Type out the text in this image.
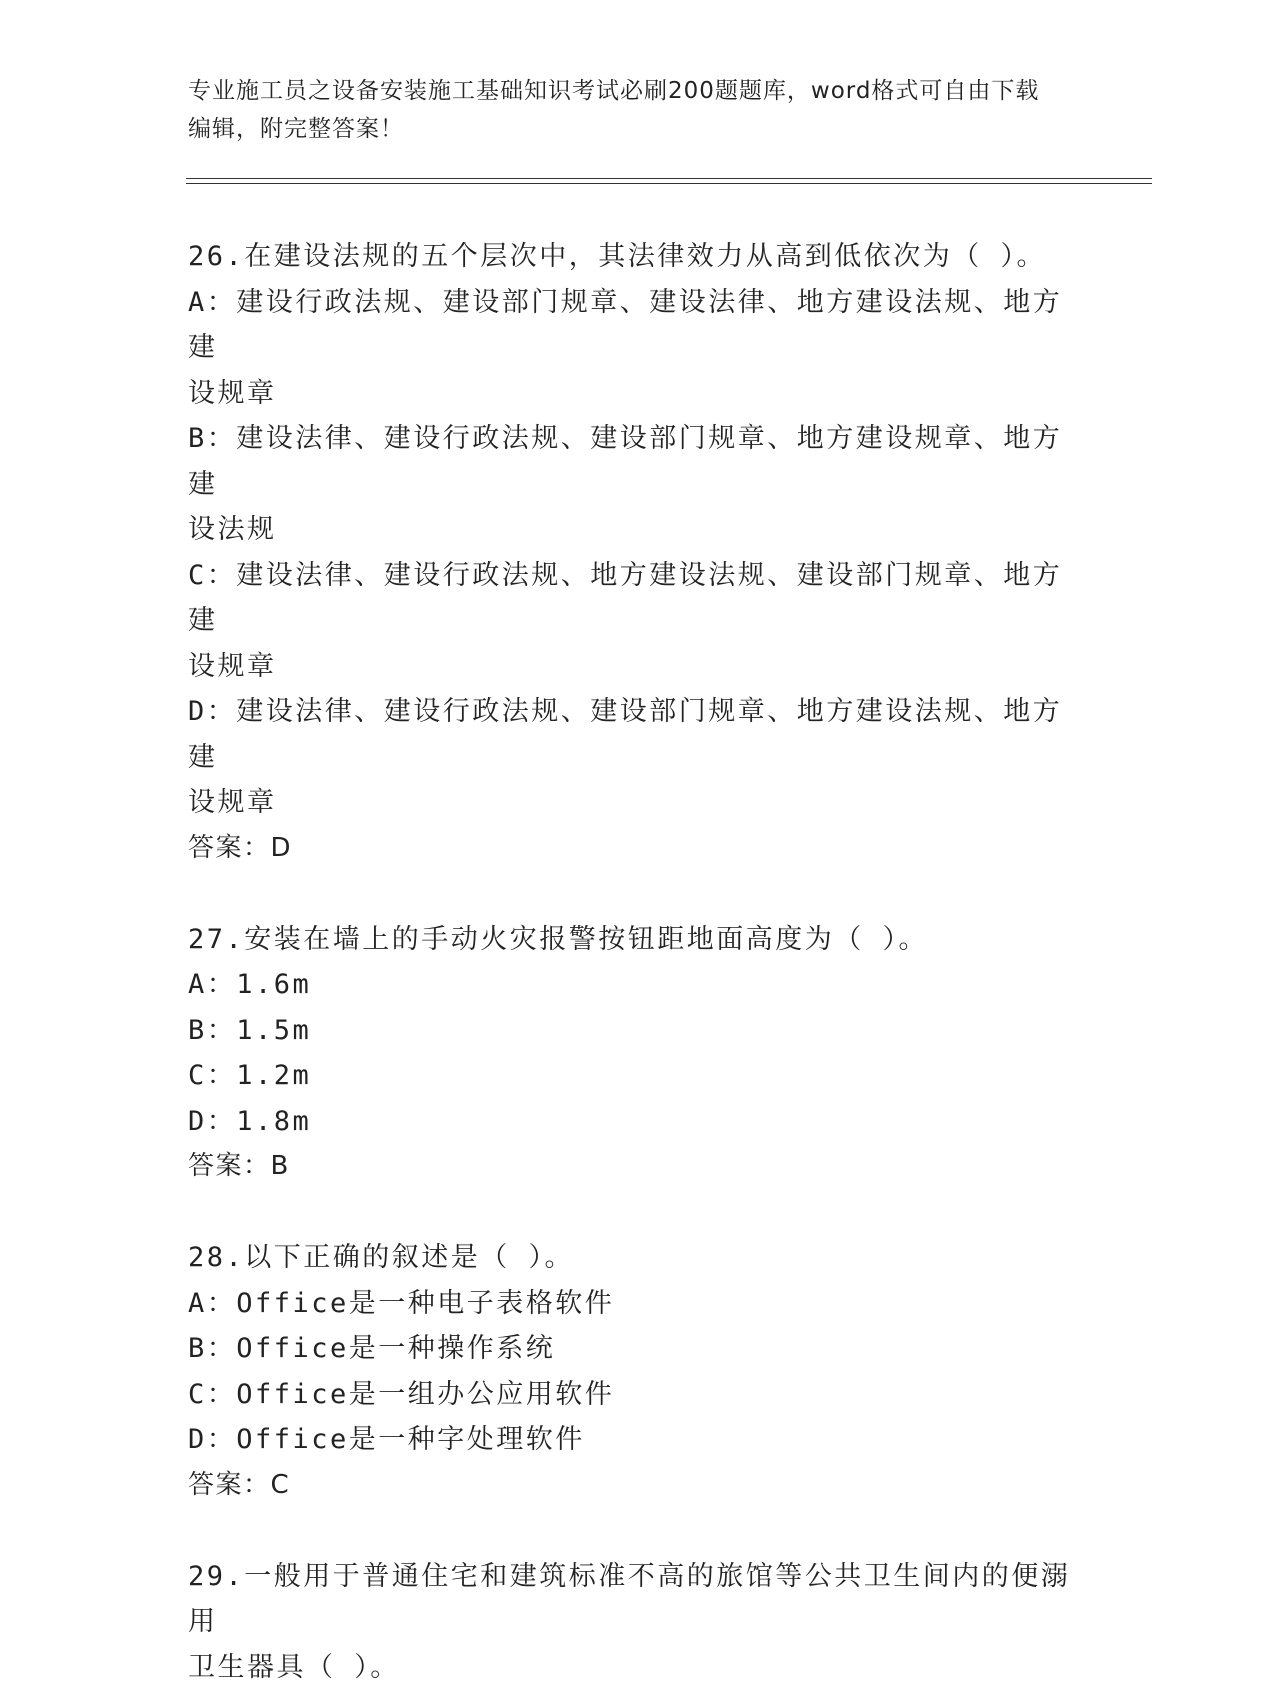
专业施工员之设备安装施工基础知识考试必刷200题题库，word格式可自由下载
编辑，附完整答案！
26.在建设法规的五个层次中，其法律效力从高到低依次为（ ）。
A：建设行政法规、建设部门规章、建设法律、地方建设法规、地方建
设规章
B：建设法律、建设行政法规、建设部门规章、地方建设规章、地方建
设法规
C：建设法律、建设行政法规、地方建设法规、建设部门规章、地方建
设规章
D：建设法律、建设行政法规、建设部门规章、地方建设法规、地方建
设规章
答案：D
27.安装在墙上的手动火灾报警按钮距地面高度为（ ）。
A：1.6m
B：1.5m
C：1.2m
D：1.8m
答案：B
28.以下正确的叙述是（ ）。
A：Office是一种电子表格软件
B：Office是一种操作系统
C：Office是一组办公应用软件
D：Office是一种字处理软件
答案：C
29.一般用于普通住宅和建筑标准不高的旅馆等公共卫生间内的便溺用
卫生器具（ ）。
